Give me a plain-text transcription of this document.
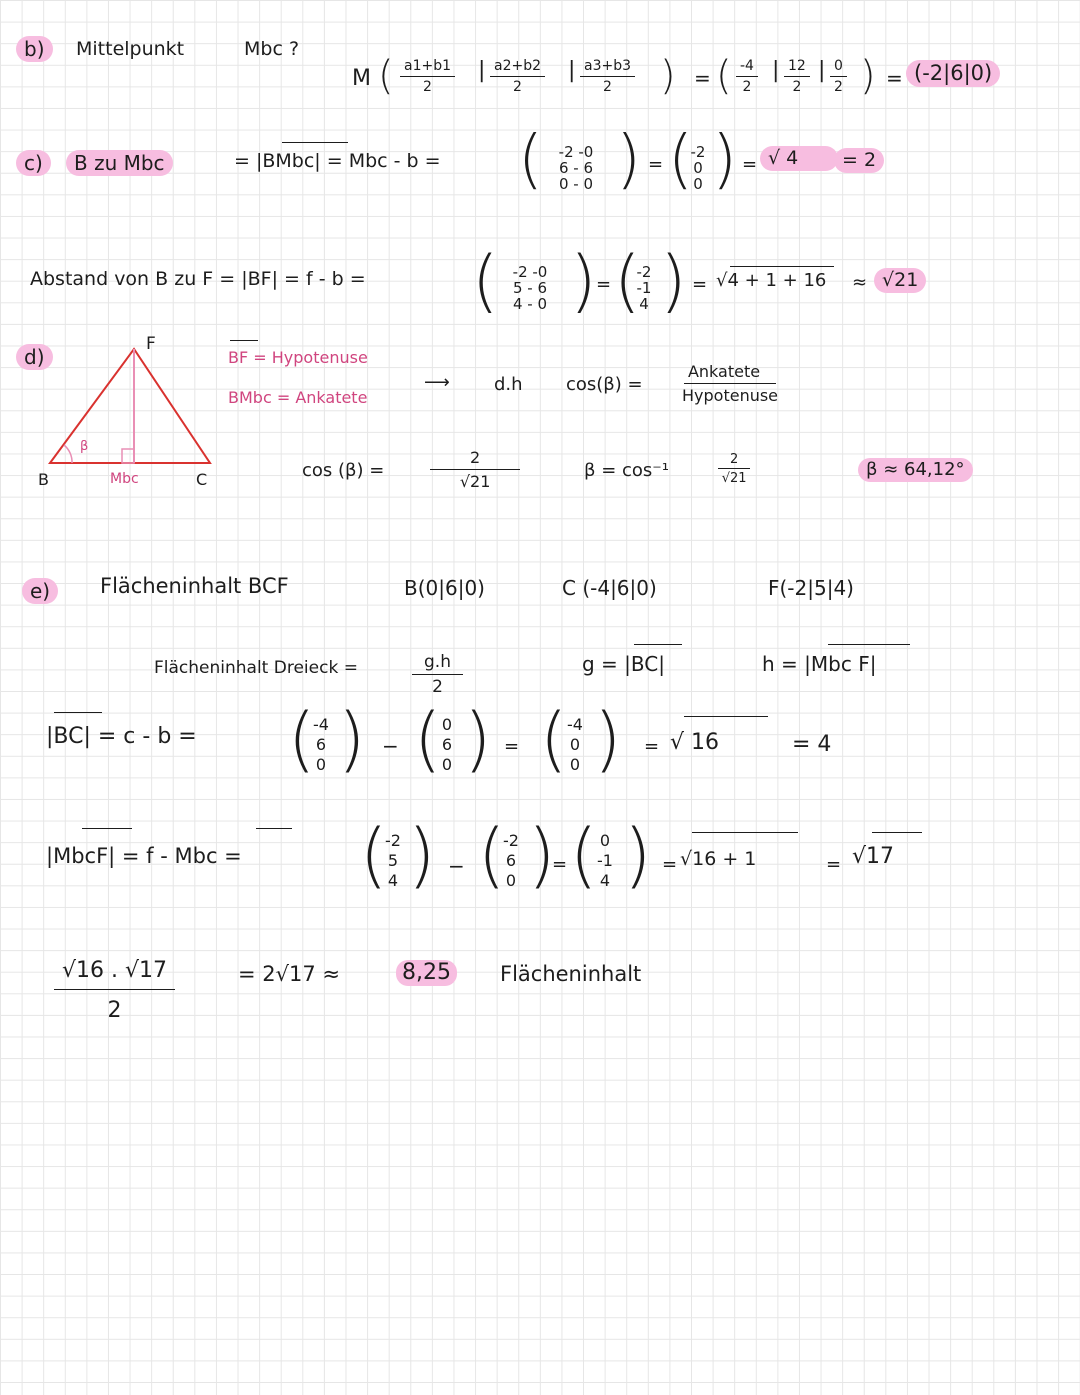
b)	Mittelpunkt	Mbc ?
M ( $\frac{a1+b1}{2}$ | $\frac{a2+b2}{2}$ | $\frac{a3+b3}{2}$ ) = ( $\frac{-4}{2}$ | $\frac{12}{2}$ | $\frac{0}{2}$ ) = (-2|6|0)
c)	B zu Mbc	= |BMbc| = Mbc - b = ( -2 -0
6 - 6
0 - 0 ) = (
-2
0
0 ) = √ 4	= 2
Abstand von B zu F = |BF| = f - b = ( -2 -0
5 - 6
4 - 0 ) = (
-2
-1
4 ) = √4 + 1 + 16 ≈ √21
d)
F
B	Mbc	C
β
BF = Hypotenuse
BMbc = Ankatete
⟶ d.h cos(β) =
Ankatete
Hypotenuse
cos (β) =	$\frac{2}{√21}$	β = cos⁻¹	$\frac{2}{√21}$	β ≈ 64,12°
e)	Flächeninhalt BCF	B(0|6|0)	C (-4|6|0)	F(-2|5|4)
Flächeninhalt Dreieck =	$\frac{g.h}{2}$	g = |BC|	h = |Mbc F|
|BC| = c - b = (
-4
6
0 ) − ( 0
6
0 ) = ( -4
0
0 ) = √ 16	= 4
|MbcF| = f - Mbc = (
-2
5
4 ) − (
-2
6
0 )
= ( 0
-1
4 ) = √16 + 1	= √17
$\frac{√16 . √17}{2}$	= 2√17 ≈	8,25 Flächeninhalt
